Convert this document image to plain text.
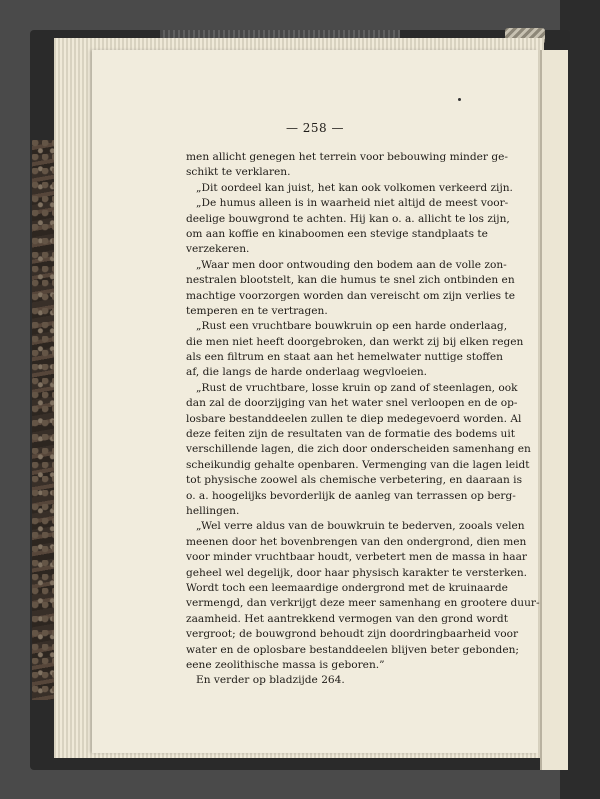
— 258 —
men allicht genegen het terrein voor bebouwing minder ge-
schikt te verklaren.
„Dit oordeel kan juist, het kan ook volkomen verkeerd zijn.
„De humus alleen is in waarheid niet altijd de meest voor-
deelige bouwgrond te achten. Hij kan o. a. allicht te los zijn,
om aan koffie en kinaboomen een stevige standplaats te
verzekeren.
„Waar men door ontwouding den bodem aan de volle zon-
nestralen blootstelt, kan die humus te snel zich ontbinden en
machtige voorzorgen worden dan vereischt om zijn verlies te
temperen en te vertragen.
„Rust een vruchtbare bouwkruin op een harde onderlaag,
die men niet heeft doorgebroken, dan werkt zij bij elken regen
als een filtrum en staat aan het hemelwater nuttige stoffen
af, die langs de harde onderlaag wegvloeien.
„Rust de vruchtbare, losse kruin op zand of steenlagen, ook
dan zal de doorzijging van het water snel verloopen en de op-
losbare bestanddeelen zullen te diep medegevoerd worden. Al
deze feiten zijn de resultaten van de formatie des bodems uit
verschillende lagen, die zich door onderscheiden samenhang en
scheikundig gehalte openbaren. Vermenging van die lagen leidt
tot physische zoowel als chemische verbetering, en daaraan is
o. a. hoogelijks bevorderlijk de aanleg van terrassen op berg-
hellingen.
„Wel verre aldus van de bouwkruin te bederven, zooals velen
meenen door het bovenbrengen van den ondergrond, dien men
voor minder vruchtbaar houdt, verbetert men de massa in haar
geheel wel degelijk, door haar physisch karakter te versterken.
Wordt toch een leemaardige ondergrond met de kruinaarde
vermengd, dan verkrijgt deze meer samenhang en grootere duur-
zaamheid. Het aantrekkend vermogen van den grond wordt
vergroot; de bouwgrond behoudt zijn doordringbaarheid voor
water en de oplosbare bestanddeelen blijven beter gebonden;
eene zeolithische massa is geboren.”
En verder op bladzijde 264.
